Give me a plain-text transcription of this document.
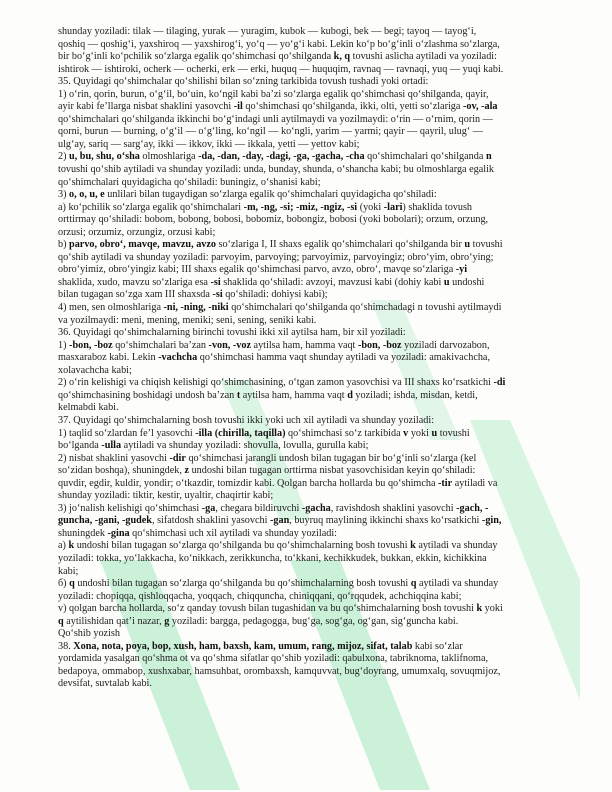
shunday yoziladi: tilak — tilaging, yurak — yuragim, kubok — kubogi, bek — begi; tayoq — tayog‘i,

qoshiq — qoshig‘i, yaxshiroq — yaxshirog‘i, yo‘q — yo‘g‘i kabi. Lekin ko‘p bo‘g‘inli o‘zlashma so‘zlarga,

bir bo‘g‘inli ko‘pchilik so‘zlarga egalik qo‘shimchasi qo‘shilganda k, q tovushi aslicha aytiladi va yoziladi:

ishtirok — ishtiroki, ocherk — ocherki, erk — erki, huquq — huquqim, ravnaq — ravnaqi, yuq — yuqi kabi.

35. Quyidagi qo‘shimchalar qo‘shilishi bilan so‘zning tarkibida tovush tushadi yoki ortadi:

1) o‘rin, qorin, burun, o‘g‘il, bo‘uin, ko‘ngil kabi ba’zi so‘zlarga egalik qo‘shimchasi qo‘shilganda, qayir,

ayir kabi fe’llarga nisbat shaklini yasovchi -il qo‘shimchasi qo‘shilganda, ikki, olti, yetti so‘zlariga -ov, -ala

qo‘shimchalari qo‘shilganda ikkinchi bo‘g‘indagi unli aytilmaydi va yozilmaydi: o‘rin — o‘rnim, qorin —

qorni, burun — burning, o‘g‘il — o‘g‘ling, ko‘ngil — ko‘ngli, yarim — yarmi; qayir — qayril, ulug‘ —

ulg‘ay, sariq — sarg‘ay, ikki — ikkov, ikki — ikkala, yetti — yettov kabi;

2) u, bu, shu, o‘sha olmoshlariga -da, -dan, -day, -dagi, -ga, -gacha, -cha qo‘shimchalari qo‘shilganda n

tovushi qo‘shib aytiladi va shunday yoziladi: unda, bunday, shunda, o‘shancha kabi; bu olmoshlarga egalik

qo‘shimchalari quyidagicha qo‘shiladi: buningiz, o‘shanisi kabi;

3) o, o, u, e unlilari bilan tugaydigan so‘zlarga egalik qo‘shimchalari quyidagicha qo‘shiladi:

a) ko‘pchilik so‘zlarga egalik qo‘shimchalari -m, -ng, -si; -miz, -ngiz, -si (yoki -lari) shaklida tovush

orttirmay qo‘shiladi: bobom, bobong, bobosi, bobomiz, bobongiz, bobosi (yoki bobolari); orzum, orzung,

orzusi; orzumiz, orzungiz, orzusi kabi;

b) parvo, obro‘, mavqe, mavzu, avzo so‘zlariga I, II shaxs egalik qo‘shimchalari qo‘shilganda bir u tovushi

qo‘shib aytiladi va shunday yoziladi: parvoyim, parvoying; parvoyimiz, parvoyingiz; obro‘yim, obro‘ying;

obro‘yimiz, obro‘yingiz kabi; III shaxs egalik qo‘shimchasi parvo, avzo, obro‘, mavqe so‘zlariga -yi

shaklida, xudo, mavzu so‘zlariga esa -si shaklida qo‘shiladi: avzoyi, mavzusi kabi (dohiy kabi u undoshi

bilan tugagan so‘zga xam III shaxsda -si qo‘shiladi: dohiysi kabi);

4) men, sen olmoshlariga -ni, -ning, -niki qo‘shimchalari qo‘shilganda qo‘shimchadagi n tovushi aytilmaydi

va yozilmaydi: meni, mening, meniki; seni, sening, seniki kabi.

36. Quyidagi qo‘shimchalarning birinchi tovushi ikki xil aytilsa ham, bir xil yoziladi:

1) -bon, -boz qo‘shimchalari ba’zan -von, -voz aytilsa ham, hamma vaqt -bon, -boz yoziladi darvozabon,

masxaraboz kabi. Lekin -vachcha qo‘shimchasi hamma vaqt shunday aytiladi va yoziladi: amakivachcha,

xolavachcha kabi;

2) o‘rin kelishigi va chiqish kelishigi qo‘shimchasining, o‘tgan zamon yasovchisi va III shaxs ko‘rsatkichi -di

qo‘shimchasining boshidagi undosh ba’zan t aytilsa ham, hamma vaqt d yoziladi; ishda, misdan, ketdi,

kelmabdi kabi.

37. Quyidagi qo‘shimchalarning bosh tovushi ikki yoki uch xil aytiladi va shunday yoziladi:

1) taqlid so‘zlardan fe’l yasovchi -illa (chirilla, taqilla) qo‘shimchasi so‘z tarkibida v yoki u tovushi

bo‘lganda -ulla aytiladi va shunday yoziladi: shovulla, lovulla, gurulla kabi;

2) nisbat shaklini yasovchi -dir qo‘shimchasi jarangli undosh bilan tugagan bir bo‘g‘inli so‘zlarga (kel

so‘zidan boshqa), shuningdek, z undoshi bilan tugagan orttirma nisbat yasovchisidan keyin qo‘shiladi:

quvdir, egdir, kuldir, yondir; o‘tkazdir, tomizdir kabi. Qolgan barcha hollarda bu qo‘shimcha -tir aytiladi va

shunday yoziladi: tiktir, kestir, uyaltir, chaqirtir kabi;

3) jo‘nalish kelishigi qo‘shimchasi -ga, chegara bildiruvchi -gacha, ravishdosh shaklini yasovchi -gach, -

guncha, -gani, -gudek, sifatdosh shaklini yasovchi -gan, buyruq maylining ikkinchi shaxs ko‘rsatkichi -gin,

shuningdek -gina qo‘shimchasi uch xil aytiladi va shunday yoziladi:

a) k undoshi bilan tugagan so‘zlarga qo‘shilganda bu qo‘shimchalarning bosh tovushi k aytiladi va shunday

yoziladi: tokka, yo‘lakkacha, ko‘nikkach, zerikkuncha, to‘kkani, kechikkudek, bukkan, ekkin, kichikkina

kabi;

б) q undoshi bilan tugagan so‘zlarga qo‘shilganda bu qo‘shimchalarning bosh tovushi q aytiladi va shunday

yoziladi: chopiqqa, qishloqqacha, yoqqach, chiqquncha, chiniqqani, qo‘rqqudek, achchiqqina kabi;

v) qolgan barcha hollarda, so‘z qanday tovush bilan tugashidan va bu qo‘shimchalarning bosh tovushi k yoki

q aytilishidan qat’i nazar, g yoziladi: bargga, pedagogga, bug‘ga, sog‘ga, og‘gan, sig‘guncha kabi.

Qo‘shib yozish

38. Xona, nota, poya, bop, xush, ham, baxsh, kam, umum, rang, mijoz, sifat, talab kabi so‘zlar

yordamida yasalgan qo‘shma ot va qo‘shma sifatlar qo‘shib yoziladi: qabulxona, tabriknoma, taklifnoma,

bedapoya, ommabop, xushxabar, hamsuhbat, orombaxsh, kamquvvat, bug‘doyrang, umumxalq, sovuqmijoz,

devsifat, suvtalab kabi.
